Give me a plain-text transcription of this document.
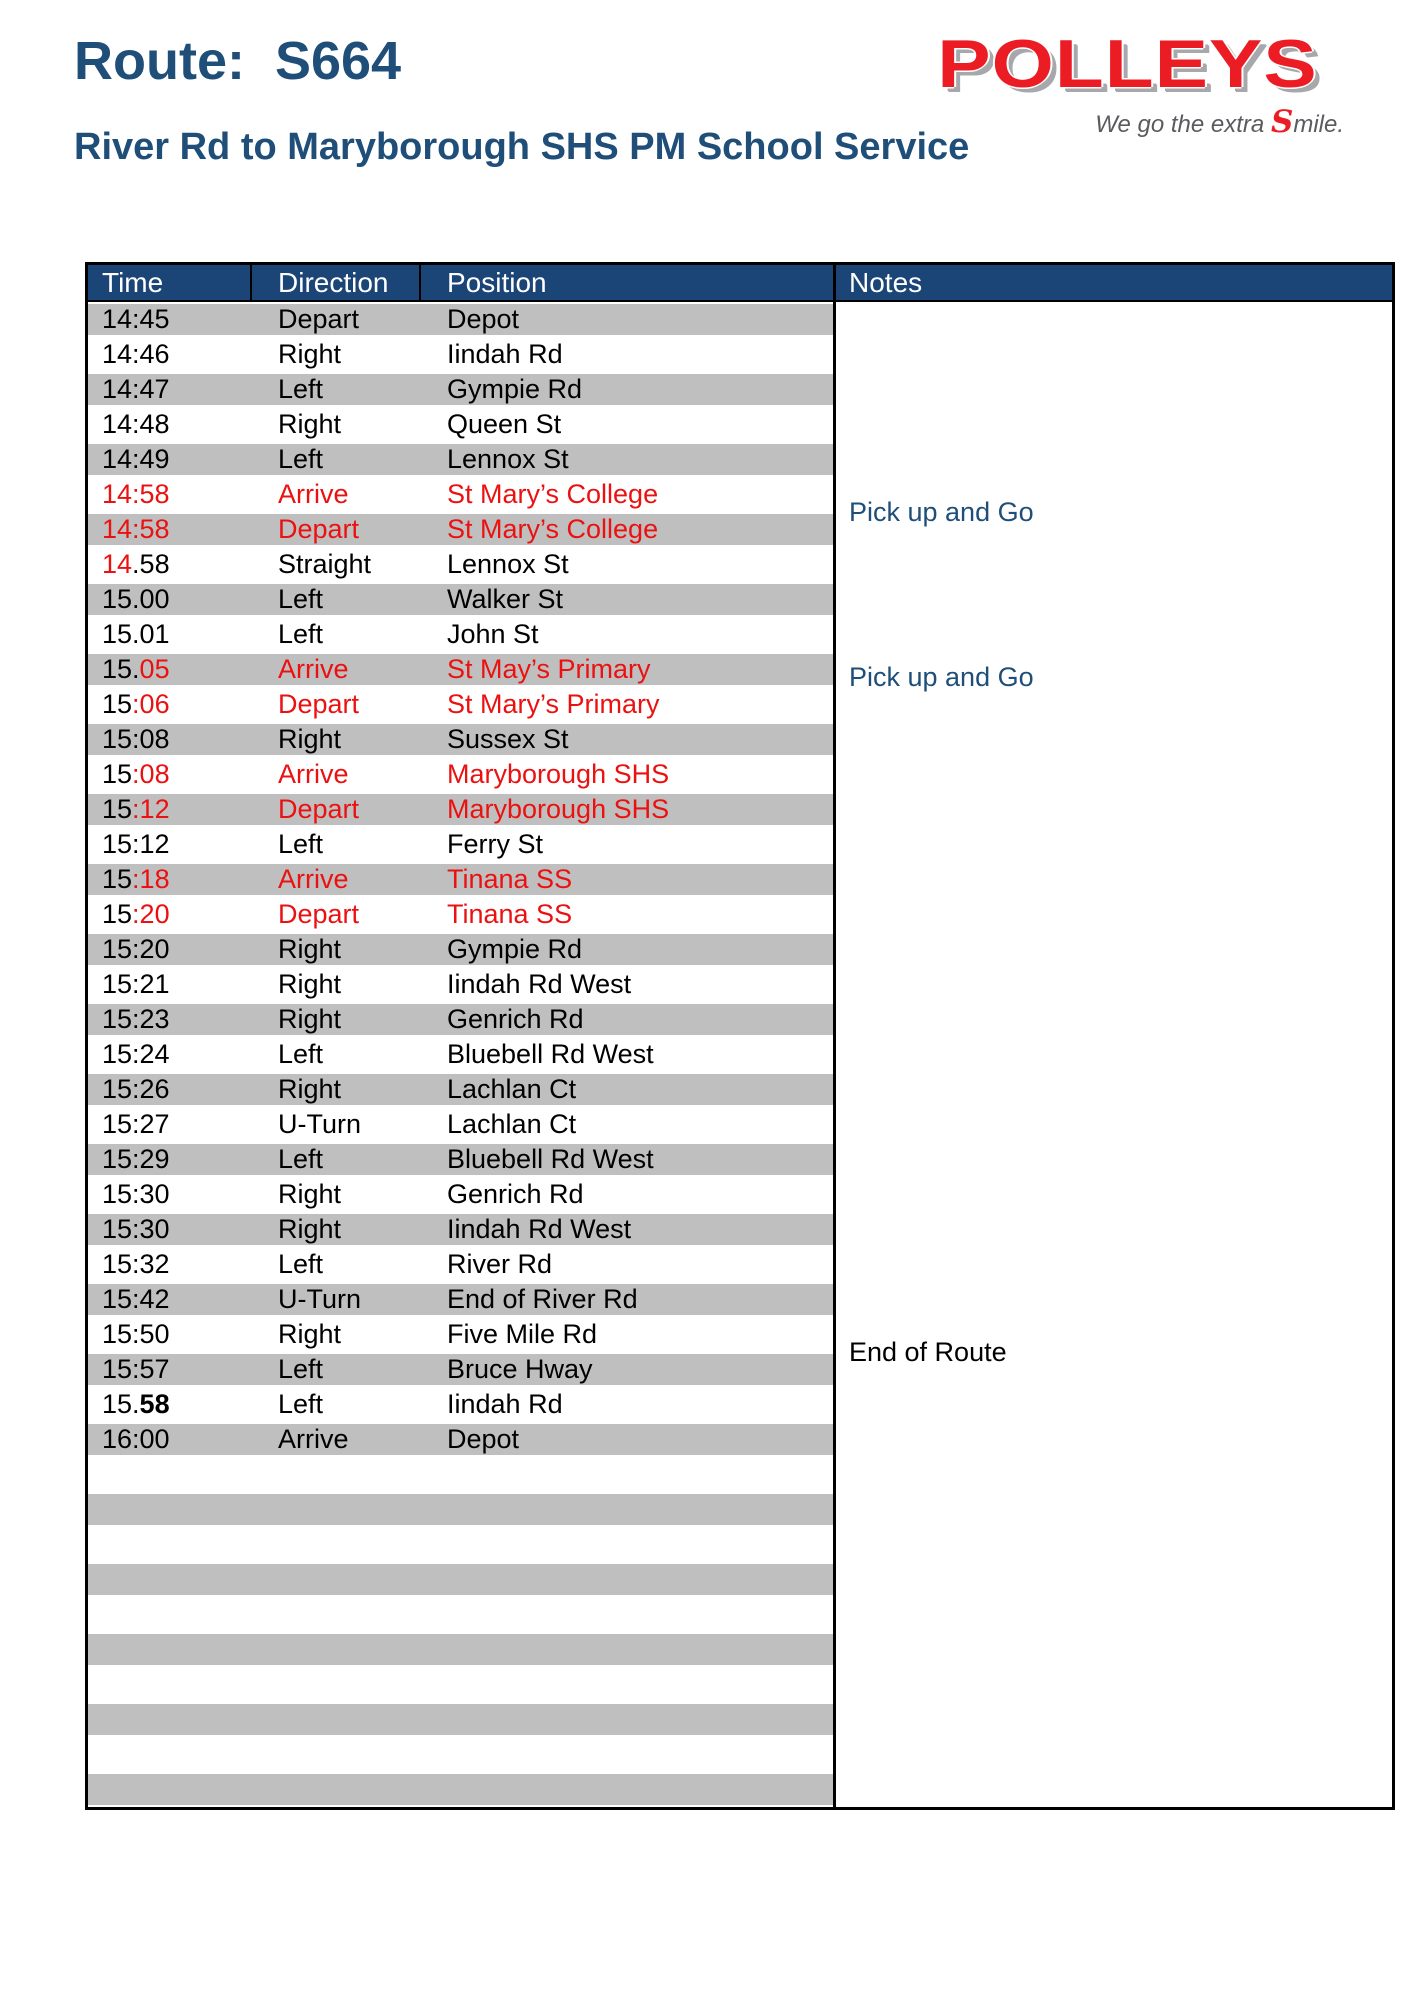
Route:  S664
River Rd to Maryborough SHS PM School Service
POLLEYS
We go the extra Smile.
Time	Direction	Position
14:45	Depart	Depot
14:46	Right	Iindah Rd
14:47	Left	Gympie Rd
14:48	Right	Queen St
14:49	Left	Lennox St
14:58	Arrive	St Mary’s College
14:58	Depart	St Mary’s College
14.58	Straight	Lennox St
15.00	Left	Walker St
15.01	Left	John St
15.05	Arrive	St May’s Primary
15:06	Depart	St Mary’s Primary
15:08	Right	Sussex St
15:08	Arrive	Maryborough SHS
15:12	Depart	Maryborough SHS
15:12	Left	Ferry St
15:18	Arrive	Tinana SS
15:20	Depart	Tinana SS
15:20	Right	Gympie Rd
15:21	Right	Iindah Rd West
15:23	Right	Genrich Rd
15:24	Left	Bluebell Rd West
15:26	Right	Lachlan Ct
15:27	U-Turn	Lachlan Ct
15:29	Left	Bluebell Rd West
15:30	Right	Genrich Rd
15:30	Right	Iindah Rd West
15:32	Left	River Rd
15:42	U-Turn	End of River Rd
15:50	Right	Five Mile Rd
15:57	Left	Bruce Hway
15.58	Left	Iindah Rd
16:00	Arrive	Depot
Notes
Pick up and Go
Pick up and Go
End of Route
